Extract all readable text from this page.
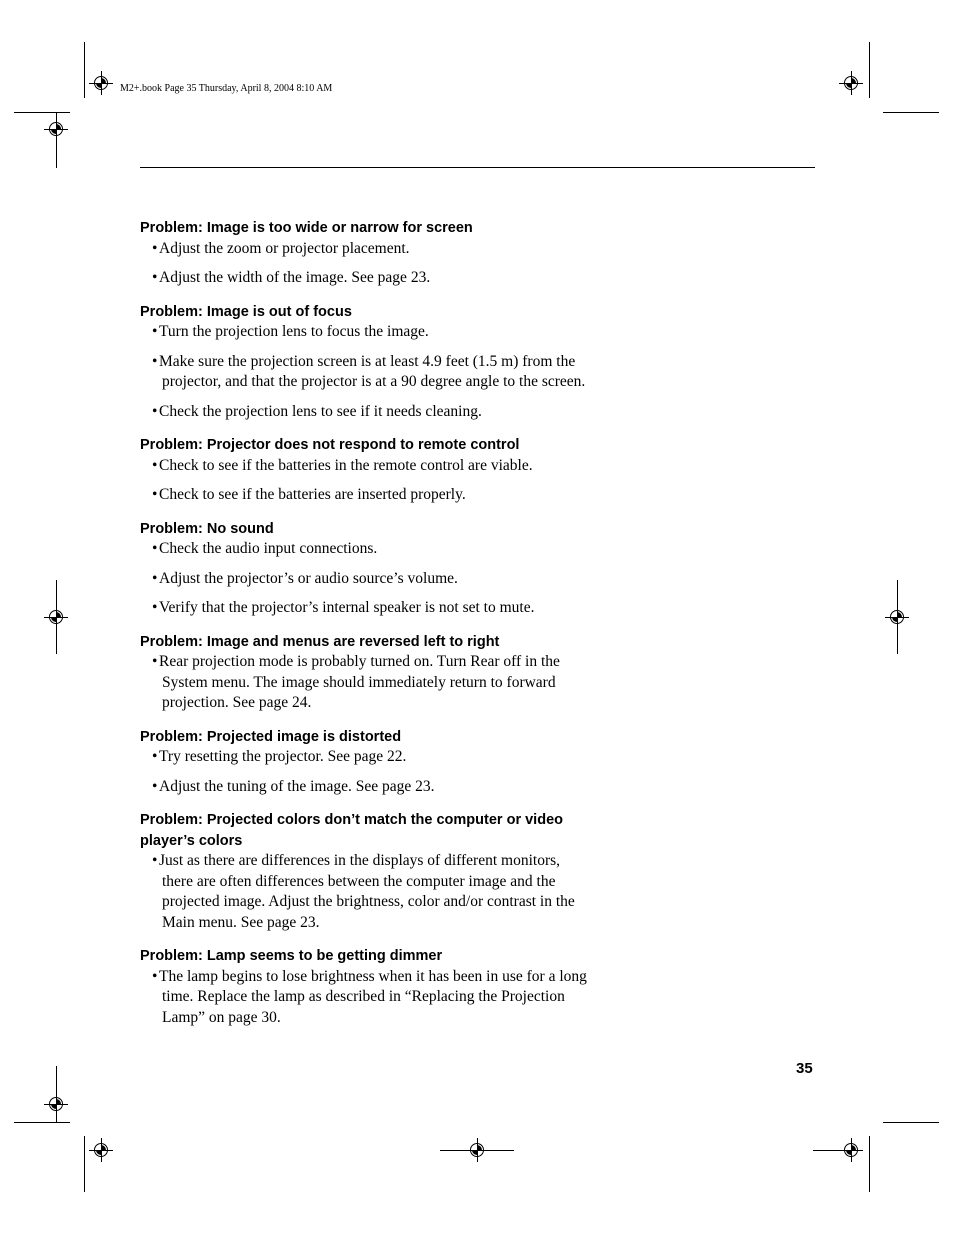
M2+.book Page 35 Thursday, April 8, 2004 8:10 AM
Problem: Image is too wide or narrow for screen
• Adjust the zoom or projector placement.
• Adjust the width of the image. See page 23.
Problem: Image is out of focus
• Turn the projection lens to focus the image.
• Make sure the projection screen is at least 4.9 feet (1.5 m) from the projector, and that the projector is at a 90 degree angle to the screen.
• Check the projection lens to see if it needs cleaning.
Problem: Projector does not respond to remote control
• Check to see if the batteries in the remote control are viable.
• Check to see if the batteries are inserted properly.
Problem: No sound
• Check the audio input connections.
• Adjust the projector’s or audio source’s volume.
• Verify that the projector’s internal speaker is not set to mute.
Problem: Image and menus are reversed left to right
• Rear projection mode is probably turned on. Turn Rear off in the System menu. The image should immediately return to forward projection. See page 24.
Problem: Projected image is distorted
• Try resetting the projector. See page 22.
• Adjust the tuning of the image. See page 23.
Problem: Projected colors don’t match the computer or video player’s colors
• Just as there are differences in the displays of different monitors, there are often differences between the computer image and the projected image. Adjust the brightness, color and/or contrast in the Main menu. See page 23.
Problem: Lamp seems to be getting dimmer
• The lamp begins to lose brightness when it has been in use for a long time. Replace the lamp as described in “Replacing the Projection Lamp” on page 30.
35
